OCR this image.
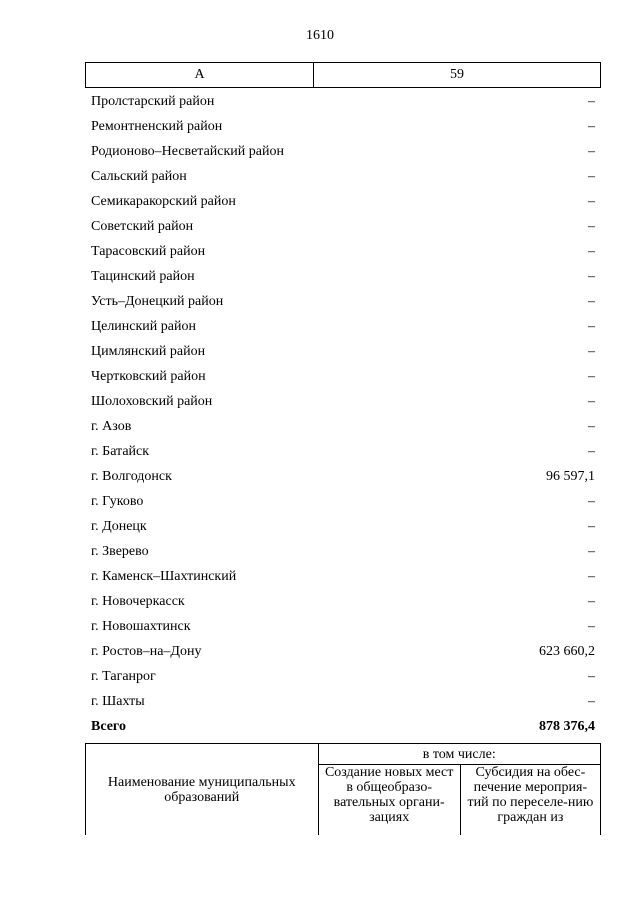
1610
А	59
Пролстарский район	–
Ремонтненский район	–
Родионово–Несветайский район	–
Сальский район	–
Семикаракорский район	–
Советский район	–
Тарасовский район	–
Тацинский район	–
Усть–Донецкий район	–
Целинский район	–
Цимлянский район	–
Чертковский район	–
Шолоховский район	–
г. Азов	–
г. Батайск	–
г. Волгодонск	96 597,1
г. Гуково	–
г. Донецк	–
г. Зверево	–
г. Каменск–Шахтинский	–
г. Новочеркасск	–
г. Новошахтинск	–
г. Ростов–на–Дону	623 660,2
г. Таганрог	–
г. Шахты	–
Всего	878 376,4
Наименование муниципальных образований	в том числе:	
	Создание новых мест в общеобразо-вательных органи-зациях	Субсидия на обес-печение мероприя-тий по переселе-нию граждан из
